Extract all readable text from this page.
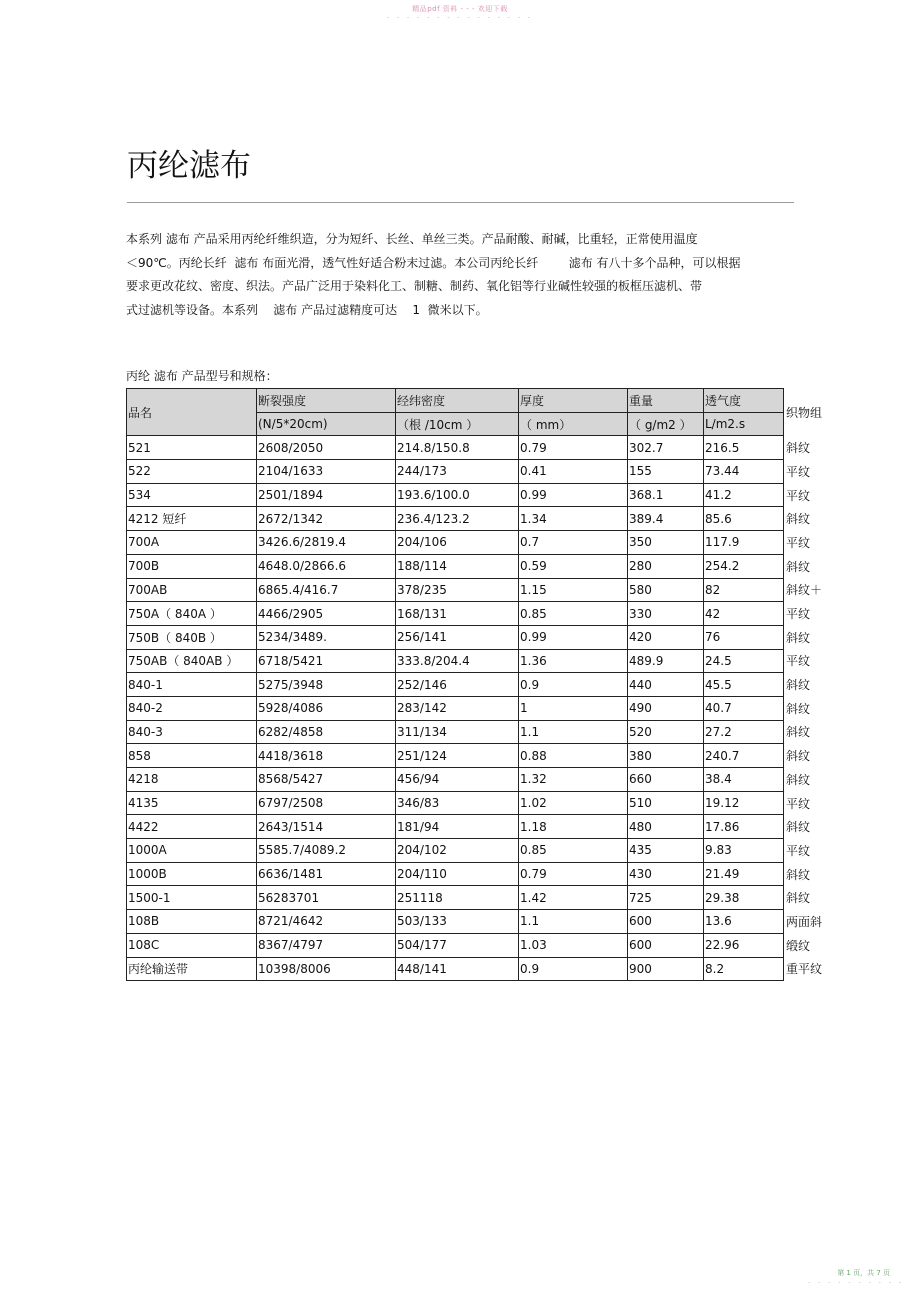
精品pdf 资料 - - - 欢迎下载
- - - - - - - - - - - - - - -
丙纶滤布

本系列 滤布 产品采用丙纶纤维织造，分为短纤、长丝、单丝三类。产品耐酸、耐碱，比重轻，正常使用温度
＜90℃。丙纶长纤  滤布 布面光滑，透气性好适合粉末过滤。本公司丙纶长纤        滤布 有八十多个品种，可以根据
要求更改花纹、密度、织法。产品广泛用于染料化工、制糖、制药、氧化铝等行业碱性较强的板框压滤机、带
式过滤机等设备。本系列    滤布 产品过滤精度可达    1  微米以下。

丙纶 滤布 产品型号和规格：
品名	断裂强度	经纬密度	厚度	重量	透气度	织物组
	(N/5*20cm)	（根 /10cm ）	（ mm）	（ g/m2 ）	L/m2.s	
521	2608/2050	214.8/150.8	0.79	302.7	216.5	斜纹
522	2104/1633	244/173	0.41	155	73.44	平纹
534	2501/1894	193.6/100.0	0.99	368.1	41.2	平纹
4212 短纤	2672/1342	236.4/123.2	1.34	389.4	85.6	斜纹
700A	3426.6/2819.4	204/106	0.7	350	117.9	平纹
700B	4648.0/2866.6	188/114	0.59	280	254.2	斜纹
700AB	6865.4/416.7	378/235	1.15	580	82	斜纹＋
750A（ 840A ）	4466/2905	168/131	0.85	330	42	平纹
750B（ 840B ）	5234/3489.	256/141	0.99	420	76	斜纹
750AB（ 840AB ）	6718/5421	333.8/204.4	1.36	489.9	24.5	平纹
840-1	5275/3948	252/146	0.9	440	45.5	斜纹
840-2	5928/4086	283/142	1	490	40.7	斜纹
840-3	6282/4858	311/134	1.1	520	27.2	斜纹
858	4418/3618	251/124	0.88	380	240.7	斜纹
4218	8568/5427	456/94	1.32	660	38.4	斜纹
4135	6797/2508	346/83	1.02	510	19.12	平纹
4422	2643/1514	181/94	1.18	480	17.86	斜纹
1000A	5585.7/4089.2	204/102	0.85	435	9.83	平纹
1000B	6636/1481	204/110	0.79	430	21.49	斜纹
1500-1	56283701	251118	1.42	725	29.38	斜纹
108B	8721/4642	503/133	1.1	600	13.6	两面斜
108C	8367/4797	504/177	1.03	600	22.96	缎纹
丙纶输送带	10398/8006	448/141	0.9	900	8.2	重平纹
第 1 页，共 7 页
- - - - - - - - - -
